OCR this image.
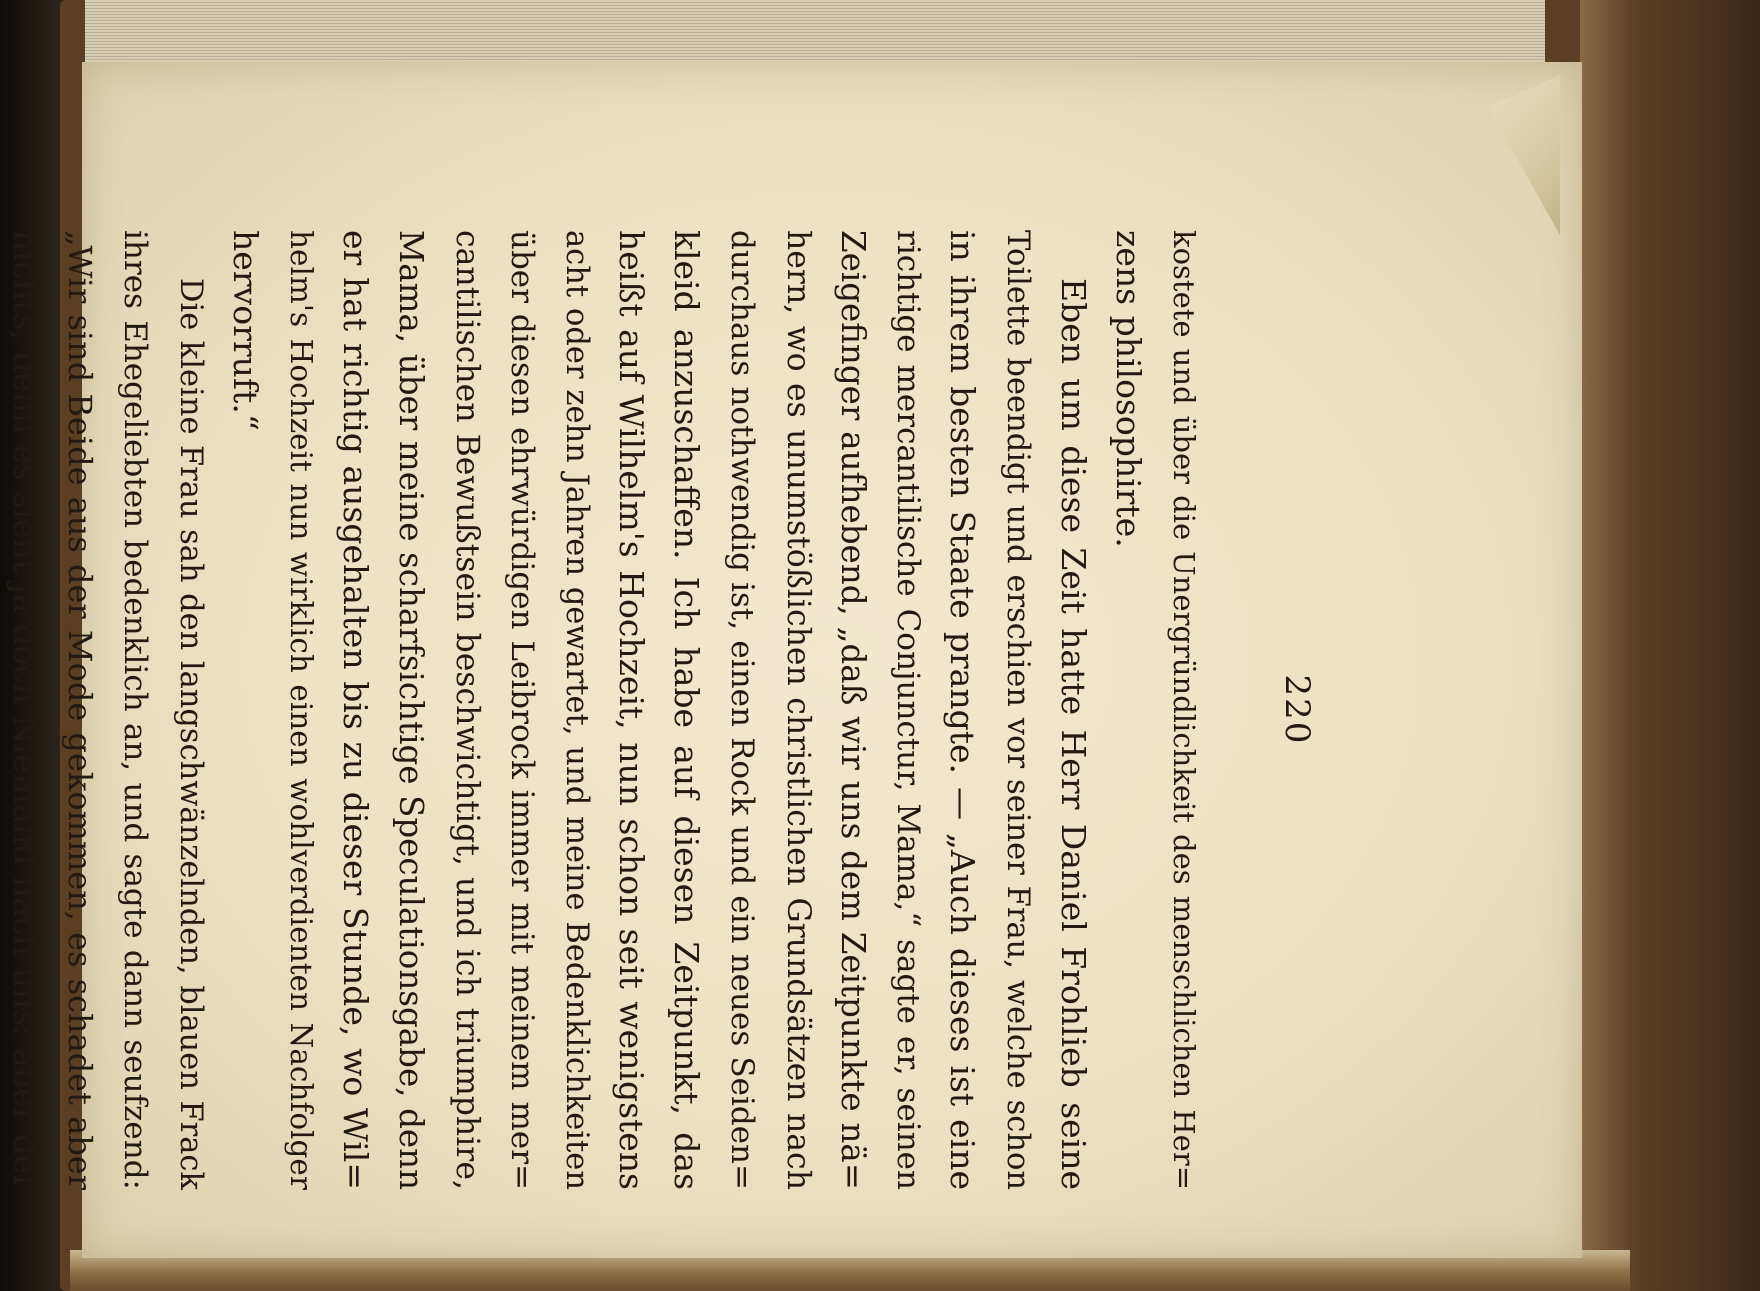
220
kostete und über die Unergründlichkeit des menschlichen Her=
zens philosophirte.
Eben um diese Zeit hatte Herr Daniel Frohlieb seine
Toilette beendigt und erschien vor seiner Frau, welche schon
in ihrem besten Staate prangte. — „Auch dieses ist eine
richtige mercantilische Conjunctur, Mama,“ sagte er, seinen
Zeigefinger aufhebend, „daß wir uns dem Zeitpunkte nä=
hern, wo es unumstößlichen christlichen Grundsätzen nach
durchaus nothwendig ist, einen Rock und ein neues Seiden=
kleid anzuschaffen. Ich habe auf diesen Zeitpunkt, das
heißt auf Wilhelm's Hochzeit, nun schon seit wenigstens
acht oder zehn Jahren gewartet, und meine Bedenklichkeiten
über diesen ehrwürdigen Leibrock immer mit meinem mer=
cantilischen Bewußtsein beschwichtigt, und ich triumphire,
Mama, über meine scharfsichtige Speculationsgabe, denn
er hat richtig ausgehalten bis zu dieser Stunde, wo Wil=
helm's Hochzeit nun wirklich einen wohlverdienten Nachfolger
hervorruft.“
Die kleine Frau sah den langschwänzelnden, blauen Frack
ihres Ehegeliebten bedenklich an, und sagte dann seufzend:
„Wir sind Beide aus der Mode gekommen, es schadet aber
nichts, denn es sieht ja doch Niemand nach uns: aber der
